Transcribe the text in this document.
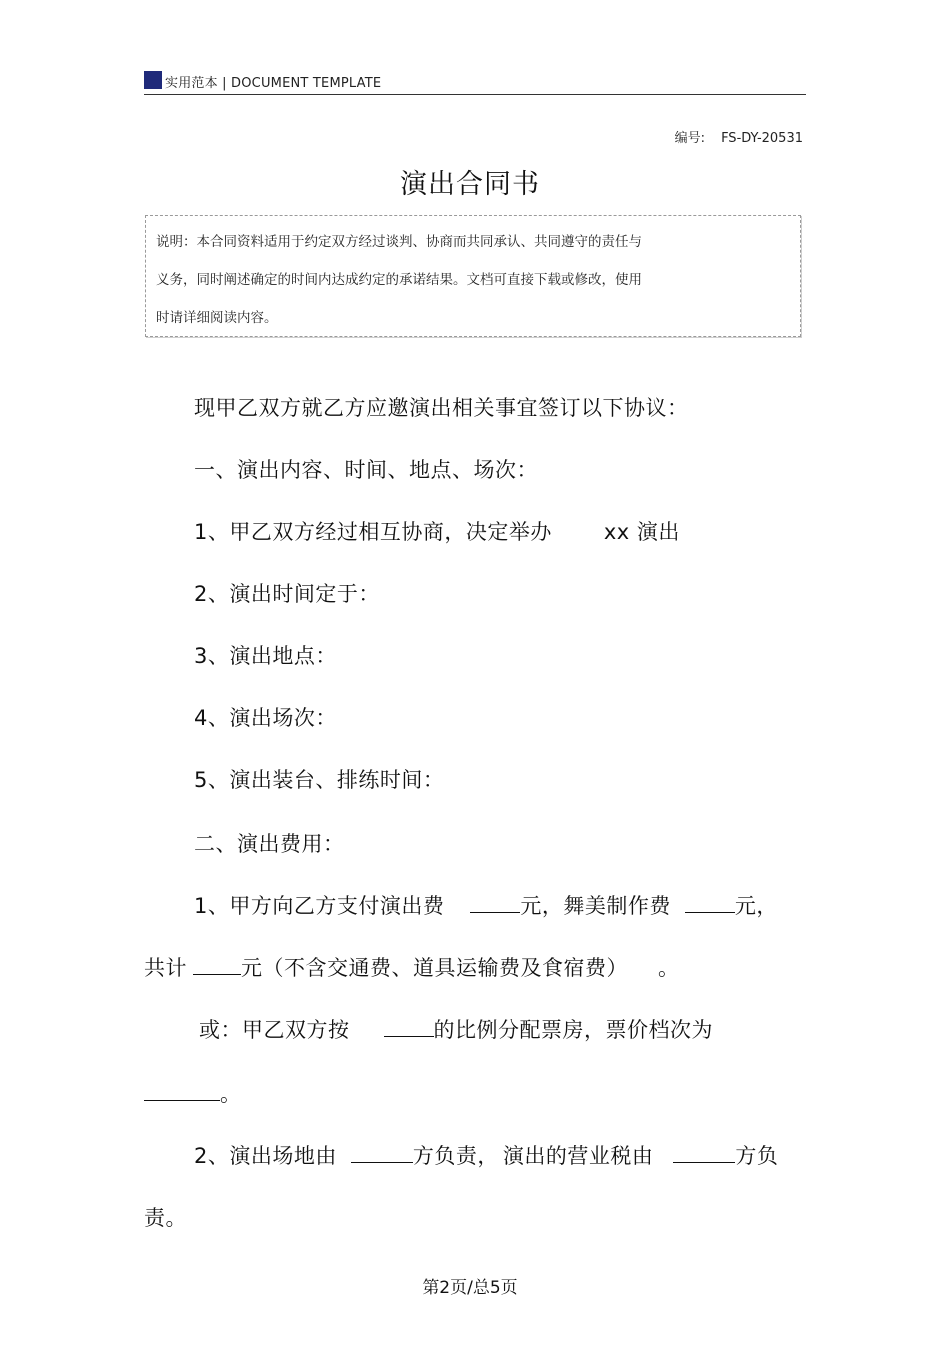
实用范本 | DOCUMENT TEMPLATE
编号: FS-DY-20531
演出合同书
说明：本合同资料适用于约定双方经过谈判、协商而共同承认、共同遵守的责任与
义务，同时阐述确定的时间内达成约定的承诺结果。文档可直接下载或修改，使用
时请详细阅读内容。
现甲乙双方就乙方应邀演出相关事宜签订以下协议：
一、演出内容、时间、地点、场次：
1、甲乙双方经过相互协商，决定举办 xx 演出
2、演出时间定于：
3、演出地点：
4、演出场次：
5、演出装台、排练时间：
二、演出费用：
1、甲方向乙方支付演出费	元，舞美制作费	元，
共计	元（不含交通费、道具运输费及食宿费） 。
或：甲乙双方按	的比例分配票房，票价档次为
。
2、演出场地由	方负责， 演出的营业税由	方负
责。
第2页/总5页
